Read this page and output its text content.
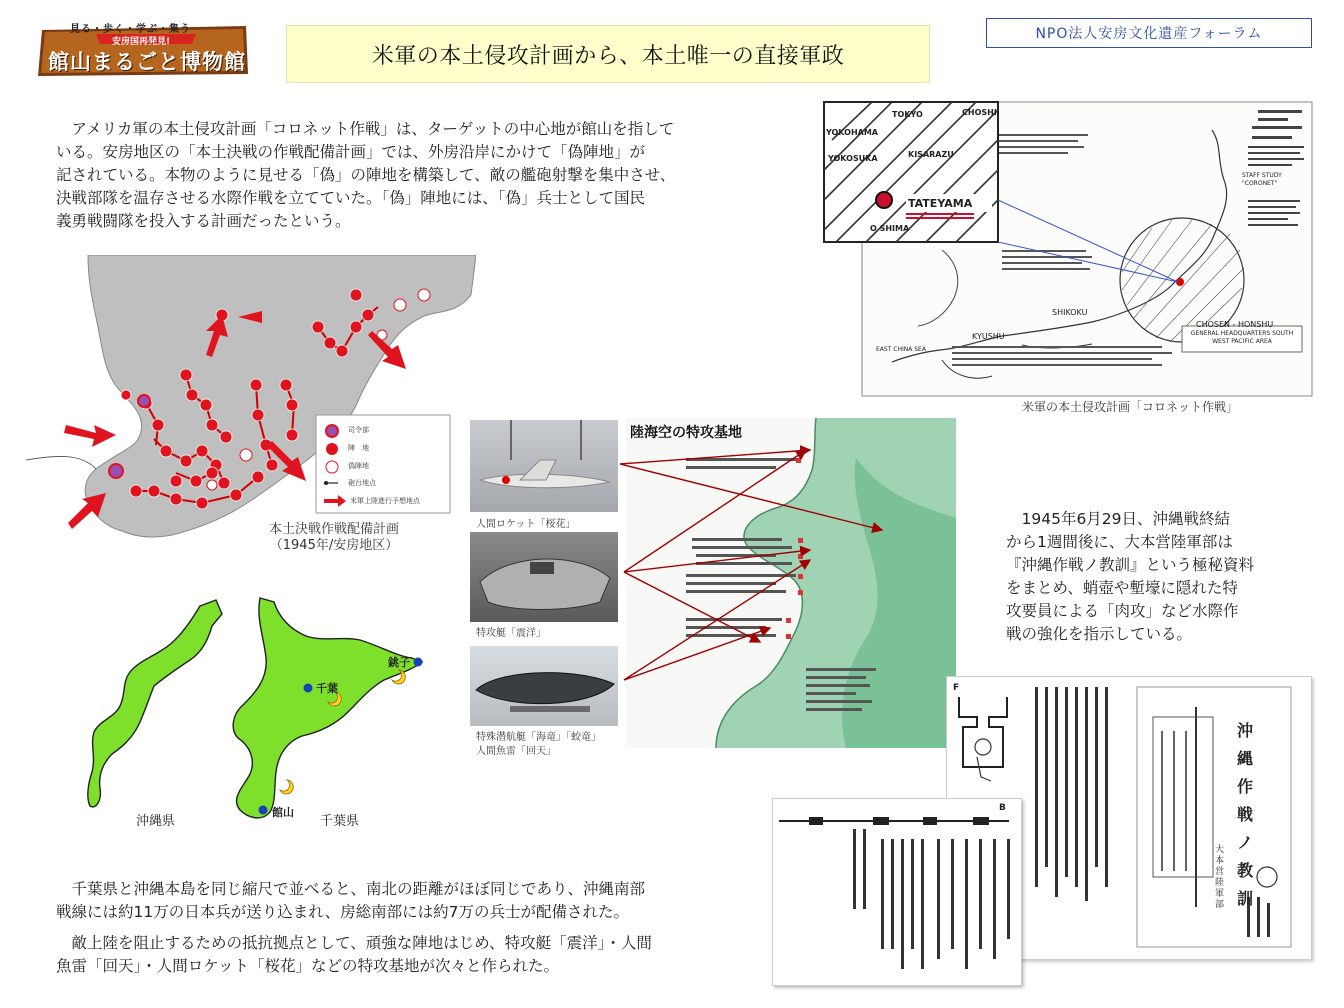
見る・歩く・学ぶ・集う
安房国再発見!
館山まるごと博物館	米軍の本土侵攻計画から、本土唯一の直接軍政
NPO法人安房文化遺産フォーラム
　アメリカ軍の本土侵攻計画「コロネット作戦」は、ターゲットの中心地が館山を指して
いる。安房地区の「本土決戦の作戦配備計画」では、外房沿岸にかけて「偽陣地」が
記されている。本物のように見せる「偽」の陣地を構築して、敵の艦砲射撃を集中させ、
決戦部隊を温存させる水際作戦を立てていた。「偽」陣地には、「偽」兵士として国民
義勇戦闘隊を投入する計画だったという。
TOKYO	CHOSHI
YOKOHAMA
KISARAZU
YOKOSUKA
TATEYAMA
O SHIMA
SHIKOKU
KYUSHU
CHOSEN - HONSHU
EAST CHINA SEA
GENERAL HEADQUARTERS SOUTH WEST PACIFIC AREA
STAFF STUDY "CORONET"
米軍の本土侵攻計画「コロネット作戦」
司令部
陣　地
偽陣地
砲台地点
米軍上陸進行予想地点
本土決戦作戦配備計画
（1945年/安房地区）
人間ロケット「桜花」
特攻艇「震洋」
特殊潜航艇「海竜」「蛟竜」
人間魚雷「回天」
陸海空の特攻基地
　1945年6月29日、沖縄戦終結
から1週間後に、大本営陸軍部は
『沖縄作戦ノ教訓』という極秘資料
をまとめ、蛸壺や塹壕に隠れた特
攻要員による「肉攻」など水際作
戦の強化を指示している。
千葉
銚子
館山
沖縄県	千葉県
F
沖縄作戦ノ教訓
大本営陸軍部
B
　千葉県と沖縄本島を同じ縮尺で並べると、南北の距離がほぼ同じであり、沖縄南部
戦線には約11万の日本兵が送り込まれ、房総南部には約7万の兵士が配備された。
　敵上陸を阻止するための抵抗拠点として、頑強な陣地はじめ、特攻艇「震洋」・人間
魚雷「回天」・人間ロケット「桜花」などの特攻基地が次々と作られた。
